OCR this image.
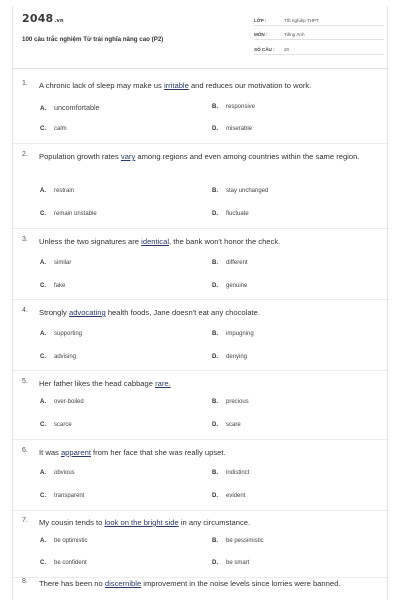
2048.vn
100 câu trắc nghiệm Từ trái nghĩa nâng cao (P2)
LỚP :	Tốt nghiệp THPT
MÔN :	Tiếng Anh
SỐ CÂU : 20
1. A chronic lack of sleep may make us irritable and reduces our motivation to work.
A. uncomfortable	B. responsive
C. calm	D. miserable
2. Population growth rates vary among regions and even among countries within the same region.
A. restrain	B. stay unchanged
C. remain unstable	D. fluctuate
3. Unless the two signatures are identical, the bank won't honor the check.
A. similar	B. different
C. fake	D. genuine
4. Strongly advocating health foods, Jane doesn't eat any chocolate.
A. supporting	B. impugning
C. advising	D. denying
5. Her father likes the head cabbage rare.
A. over-boiled	B. precious
C. scarce	D. scare
6. It was apparent from her face that she was really upset.
A. obvious	B. indistinct
C. transparent	D. evident
7. My cousin tends to look on the bright side in any circumstance.
A. be optimistic	B. be pessimistic
C. be confident	D. be smart
8. There has been no discernible improvement in the noise levels since lorries were banned.
